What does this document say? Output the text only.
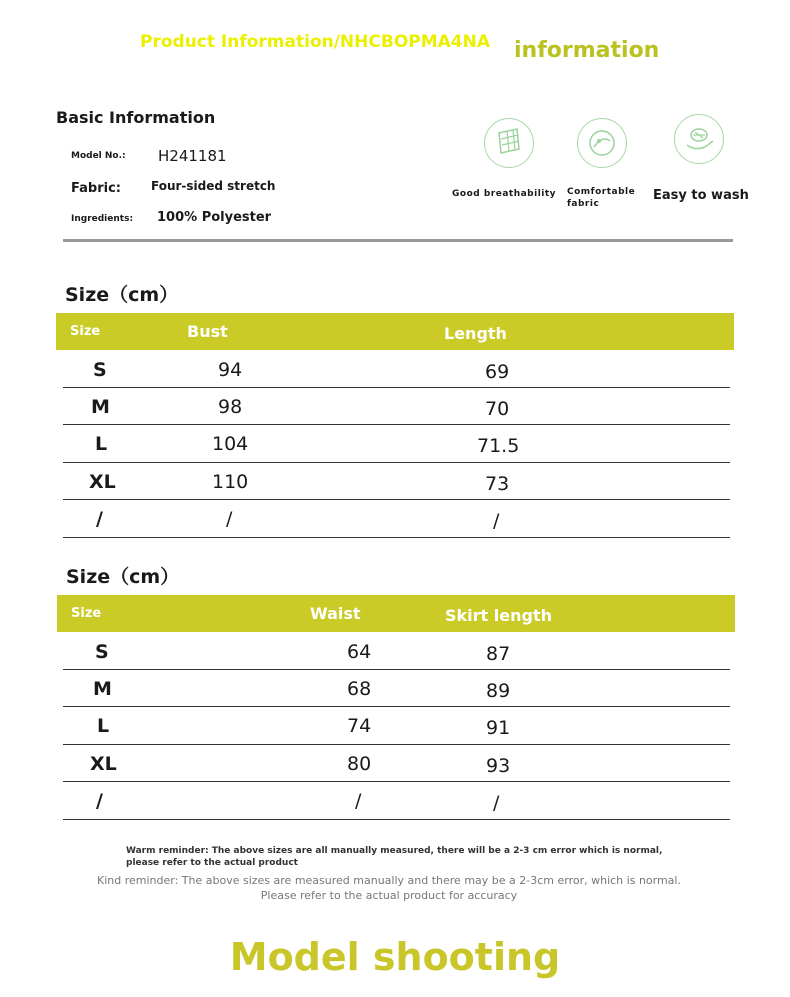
Product Information/NHCBOPMA4NA information
Basic Information
Model No.: H241181
Fabric:	Four-sided stretch
Ingredients: 100% Polyester
Good breathability Comfortable fabric
Easy to wash
Size（cm）
Size	Bust	Length
S	94	69
M	98	70
L	104	71.5
XL	110	73
/	/	/
Size（cm）
Size	Waist	Skirt length
S	64	87
M	68	89
L	74	91
XL	80	93
/	/	/
Warm reminder: The above sizes are all manually measured, there will be a 2-3 cm error which is normal,
please refer to the actual product
Kind reminder: The above sizes are measured manually and there may be a 2-3cm error, which is normal.
Please refer to the actual product for accuracy
Model shooting
